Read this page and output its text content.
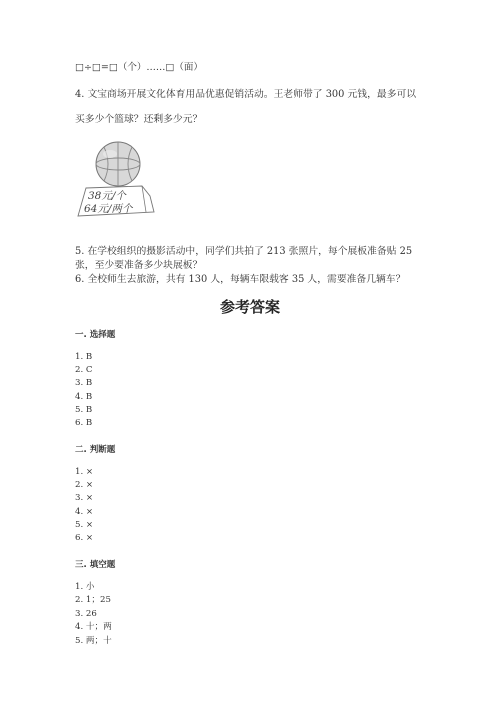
□÷□=□（个）……□（面）
4. 文宝商场开展文化体育用品优惠促销活动。王老师带了 300 元钱，最多可以
买多少个篮球？还剩多少元？
38元/个
64元/两个
5. 在学校组织的摄影活动中，同学们共拍了 213 张照片，每个展板准备贴 25
张，至少要准备多少块展板？
6. 全校师生去旅游，共有 130 人，每辆车限载客 35 人，需要准备几辆车？
参考答案
一. 选择题
1. B
2. C
3. B
4. B
5. B
6. B
二. 判断题
1. ×
2. ×
3. ×
4. ×
5. ×
6. ×
三. 填空题
1. 小
2. 1；25
3. 26
4. 十；两
5. 两；十
